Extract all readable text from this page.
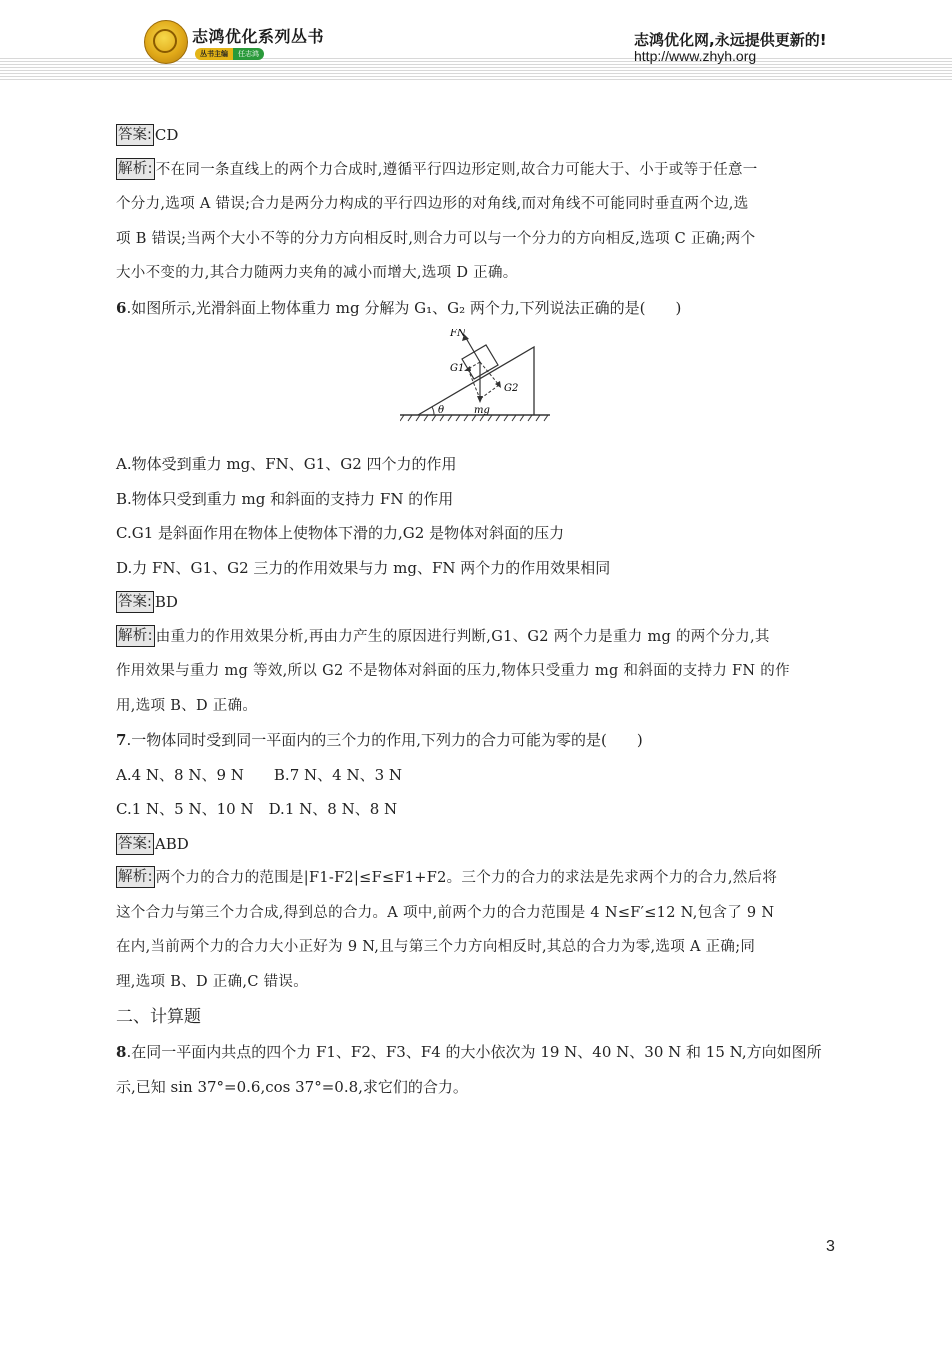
志鸿优化系列丛书
丛书主编	任志鸿
志鸿优化网,永远提供更新的!
http://www.zhyh.org
答案: CD
解析: 不在同一条直线上的两个力合成时,遵循平行四边形定则,故合力可能大于、小于或等于任意一
个分力,选项 A 错误;合力是两分力构成的平行四边形的对角线,而对角线不可能同时垂直两个边,选
项 B 错误;当两个大小不等的分力方向相反时,则合力可以与一个分力的方向相反,选项 C 正确;两个
大小不变的力,其合力随两力夹角的减小而增大,选项 D 正确。
6.如图所示,光滑斜面上物体重力 mg 分解为 G₁、G₂ 两个力,下列说法正确的是(　　)
θ
FN
G1
G2
mg
A.物体受到重力 mg、FN、G1、G2 四个力的作用
B.物体只受到重力 mg 和斜面的支持力 FN 的作用
C.G1 是斜面作用在物体上使物体下滑的力,G2 是物体对斜面的压力
D.力 FN、G1、G2 三力的作用效果与力 mg、FN 两个力的作用效果相同
答案: BD
解析: 由重力的作用效果分析,再由力产生的原因进行判断,G1、G2 两个力是重力 mg 的两个分力,其
作用效果与重力 mg 等效,所以 G2 不是物体对斜面的压力,物体只受重力 mg 和斜面的支持力 FN 的作
用,选项 B、D 正确。
7.一物体同时受到同一平面内的三个力的作用,下列力的合力可能为零的是(　　)
A.4 N、8 N、9 N　　B.7 N、4 N、3 N
C.1 N、5 N、10 N　D.1 N、8 N、8 N
答案: ABD
解析: 两个力的合力的范围是|F1-F2|≤F≤F1+F2。三个力的合力的求法是先求两个力的合力,然后将
这个合力与第三个力合成,得到总的合力。A 项中,前两个力的合力范围是 4 N≤F′≤12 N,包含了 9 N
在内,当前两个力的合力大小正好为 9 N,且与第三个力方向相反时,其总的合力为零,选项 A 正确;同
理,选项 B、D 正确,C 错误。
二、计算题
8.在同一平面内共点的四个力 F1、F2、F3、F4 的大小依次为 19 N、40 N、30 N 和 15 N,方向如图所
示,已知 sin 37°=0.6,cos 37°=0.8,求它们的合力。
3
